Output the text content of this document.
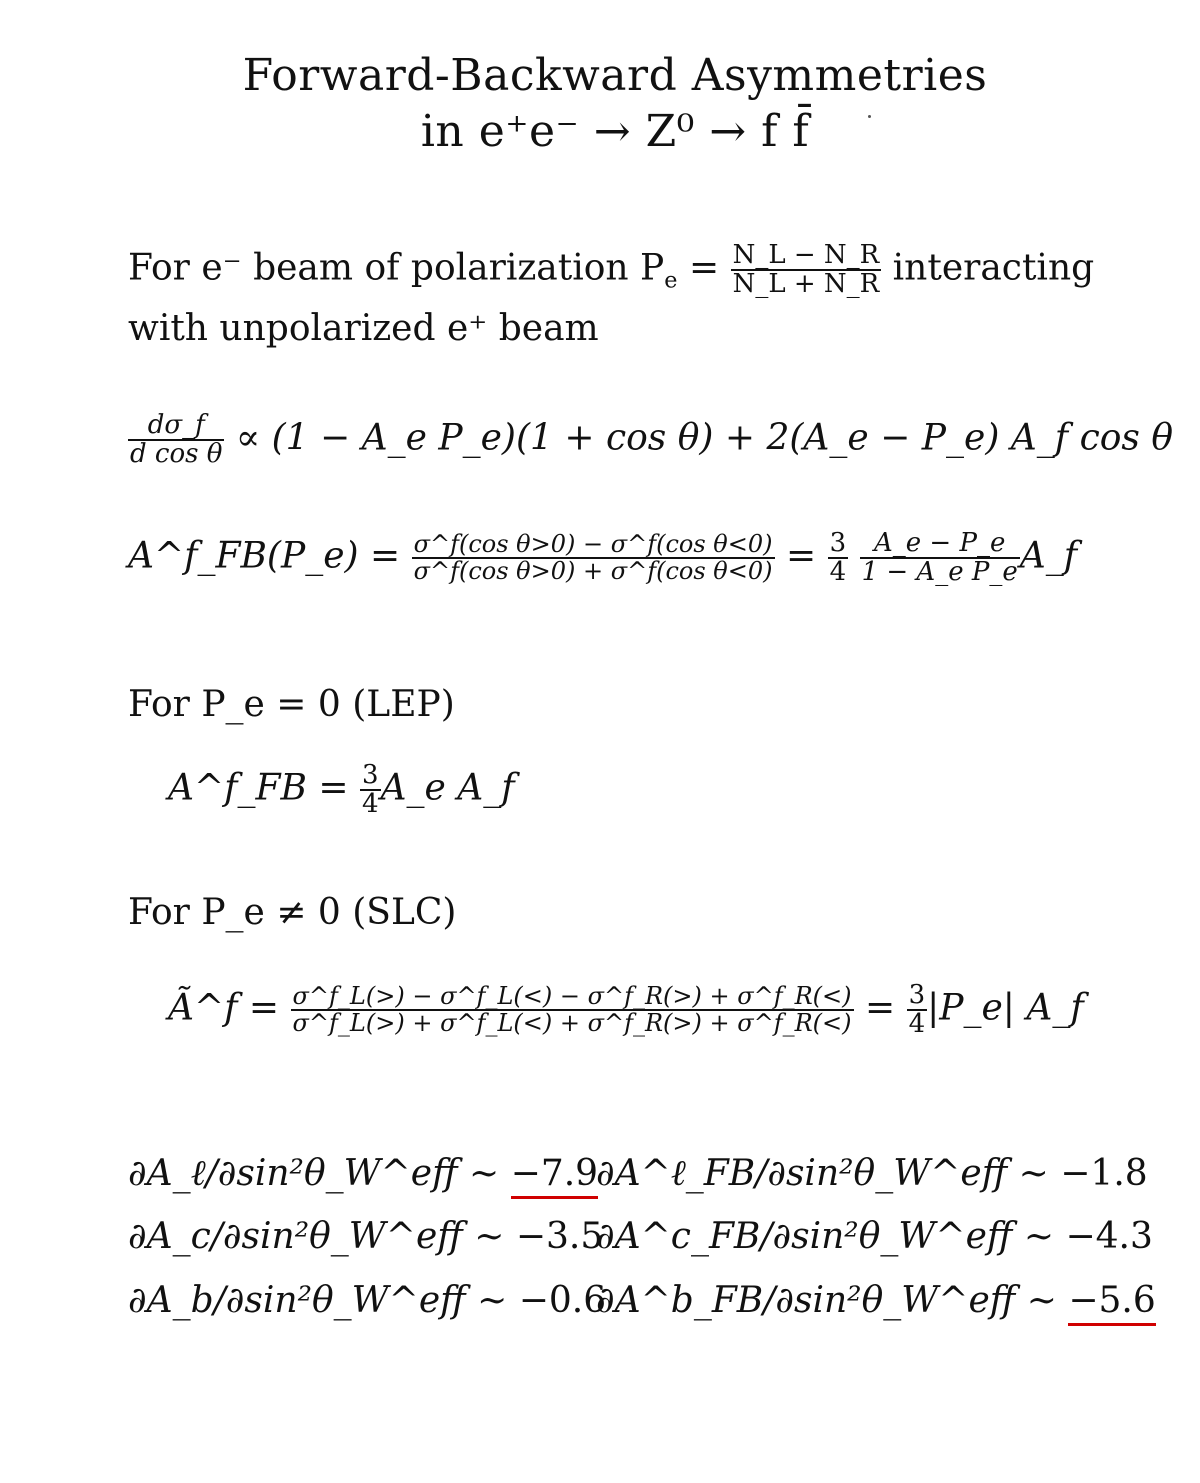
Forward-Backward Asymmetries
in e⁺e⁻ → Z⁰ → f f̄
For e⁻ beam of polarization $P_e = \frac{N\_L - N\_R}{N\_L + N\_R}$ interacting
with unpolarized e⁺ beam
$\frac{d\sigma\_f}{\text{d cos θ}} \propto (1$ − A_e P_e)(1 + cos θ) + 2(A_e − P_e) A_f cos θ
A^f_FB(P_e) = $\frac{\text{σ\textasciicircum{}f(cos θ>0) − σ\textasciicircum{}f(cos θ<0)}}{\text{σ\textasciicircum{}f(cos θ>0) + σ\textasciicircum{}f(cos θ<0)}} = \frac{3}{4}$
$\frac{A\_e - P\_e}{\text{1 − A\_e P\_e}}$ A_f
For P_e = 0 (LEP)
A^f_FB = $\frac{3}{4}$ A_e A_f
For P_e ≠ 0 (SLC)
Ã^f = $\frac{\sigma\^{}f\_L(>) - \sigma\^{}f\_L(<) - \sigma\^{}f\_R(>) + \sigma\^{}f\_R(<)}{\sigma\^{}f\_L(>) + \sigma\^{}f\_L(<) + \sigma\^{}f\_R(>) + \sigma\^{}f\_R(<)} = \frac{3}{4}$ |P_e| A_f
∂A_ℓ/∂sin²θ_W^eff ∼ −7.9
∂A^ℓ_FB/∂sin²θ_W^eff ∼ −1.8
∂A_c/∂sin²θ_W^eff ∼ −3.5
∂A^c_FB/∂sin²θ_W^eff ∼ −4.3
∂A_b/∂sin²θ_W^eff ∼ −0.6
∂A^b_FB/∂sin²θ_W^eff ∼ −5.6
